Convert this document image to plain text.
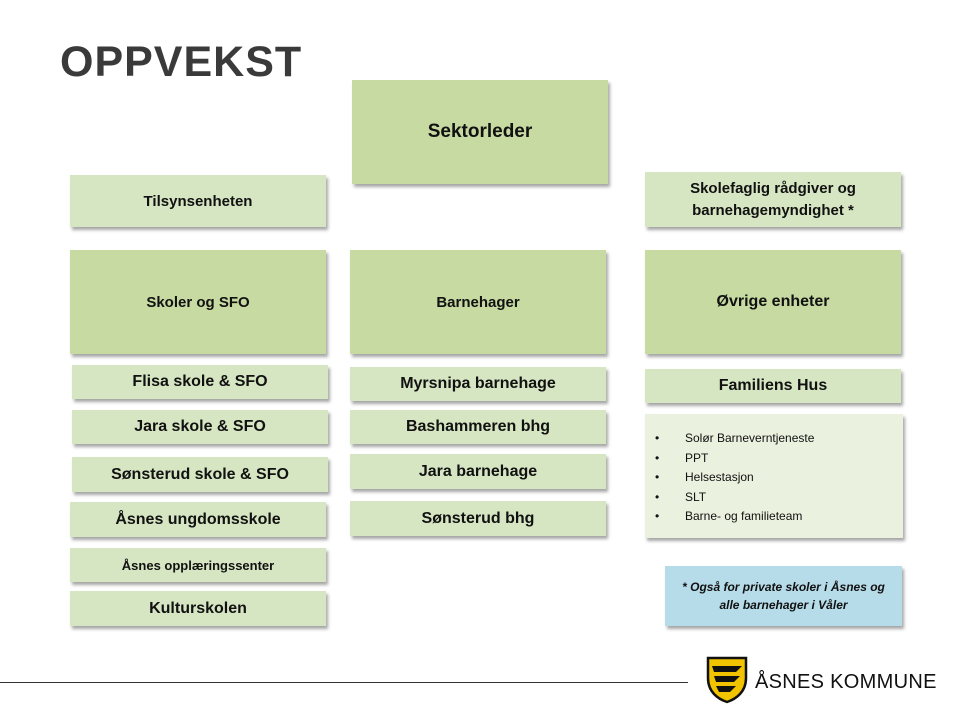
OPPVEKST
Sektorleder
Tilsynsenheten
Skolefaglig rådgiver og
barnehagemyndighet *
Skoler og SFO	Barnehager	Øvrige enheter
Flisa skole & SFO
Jara skole & SFO
Sønsterud skole & SFO
Åsnes ungdomsskole
Åsnes opplæringssenter
Kulturskolen
Myrsnipa barnehage
Bashammeren bhg
Jara barnehage
Sønsterud bhg
Familiens Hus
• Solør Barneverntjeneste
• PPT
• Helsestasjon
• SLT
• Barne- og familieteam
* Også for private skoler i Åsnes og
alle barnehager i Våler
ÅSNES KOMMUNE
